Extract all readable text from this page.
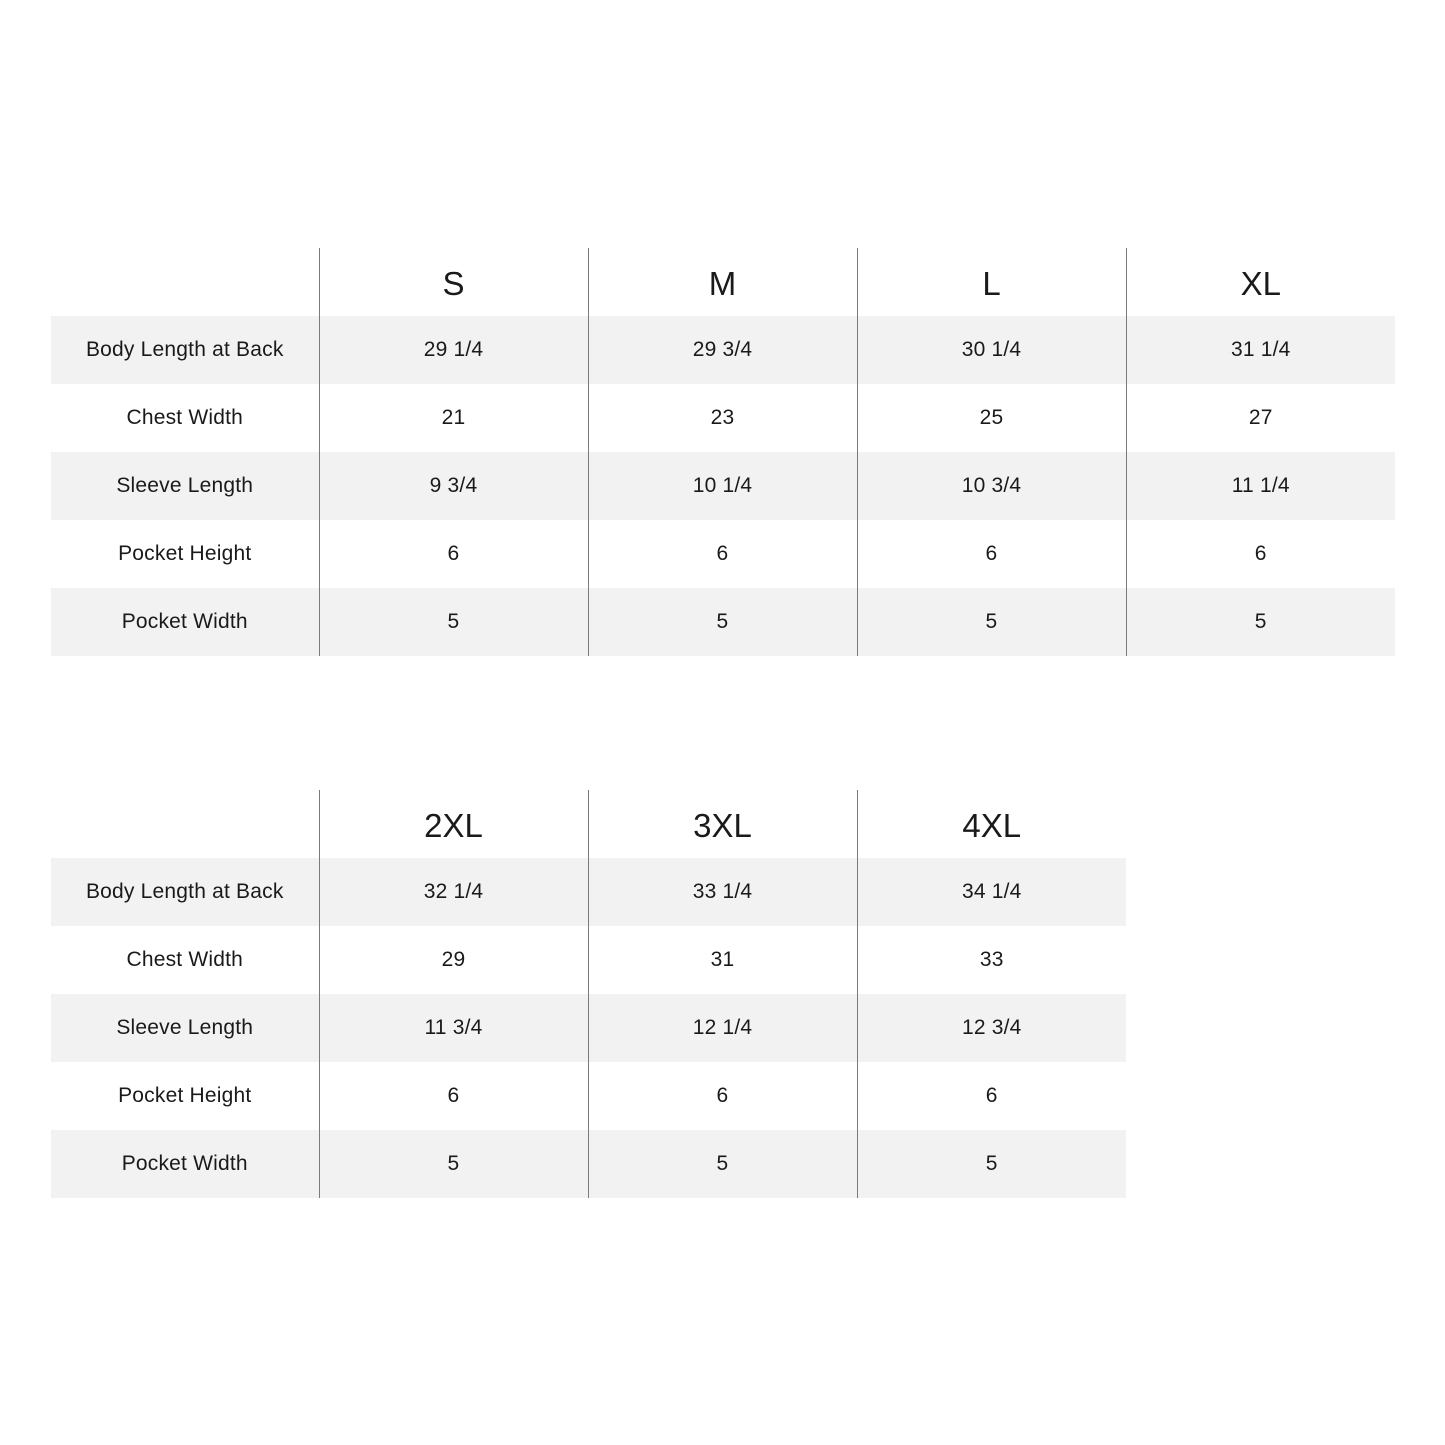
	S	M	L	XL
Body Length at Back	29 1/4	29 3/4	30 1/4	31 1/4
Chest Width	21	23	25	27
Sleeve Length	9 3/4	10 1/4	10 3/4	11 1/4
Pocket Height	6	6	6	6
Pocket Width	5	5	5	5
	2XL	3XL	4XL
Body Length at Back	32 1/4	33 1/4	34 1/4
Chest Width	29	31	33
Sleeve Length	11 3/4	12 1/4	12 3/4
Pocket Height	6	6	6
Pocket Width	5	5	5
